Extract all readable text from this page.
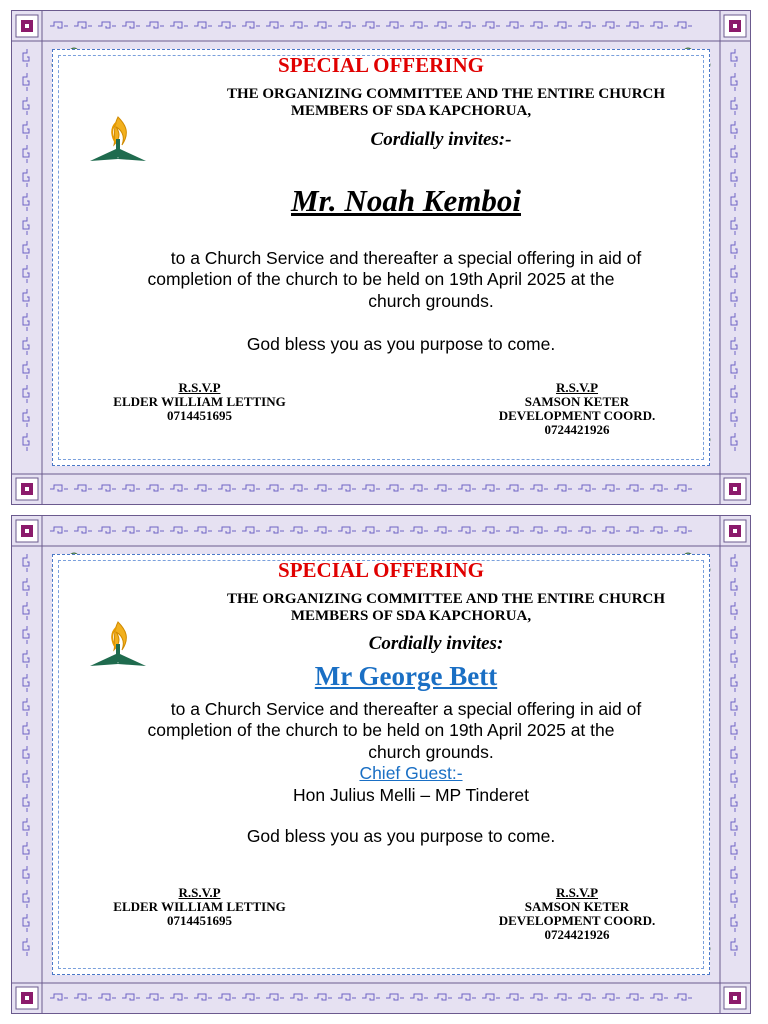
SPECIAL OFFERING
THE ORGANIZING COMMITTEE AND THE ENTIRE CHURCH
MEMBERS OF SDA KAPCHORUA,
Cordially invites:-
Mr. Noah Kemboi
to a Church Service and thereafter a special offering in aid of
completion of the church to be held on 19th April 2025 at the
church grounds.
God bless you as you purpose to come.
R.S.V.P
ELDER WILLIAM LETTING
0714451695
R.S.V.P
SAMSON KETER
DEVELOPMENT COORD.
0724421926
SPECIAL OFFERING
THE ORGANIZING COMMITTEE AND THE ENTIRE CHURCH
MEMBERS OF SDA KAPCHORUA,
Cordially invites:
Mr George Bett
to a Church Service and thereafter a special offering in aid of
completion of the church to be held on 19th April 2025 at the
church grounds.
Chief Guest:-
Hon Julius Melli – MP Tinderet
God bless you as you purpose to come.
R.S.V.P
ELDER WILLIAM LETTING
0714451695
R.S.V.P
SAMSON KETER
DEVELOPMENT COORD.
0724421926
